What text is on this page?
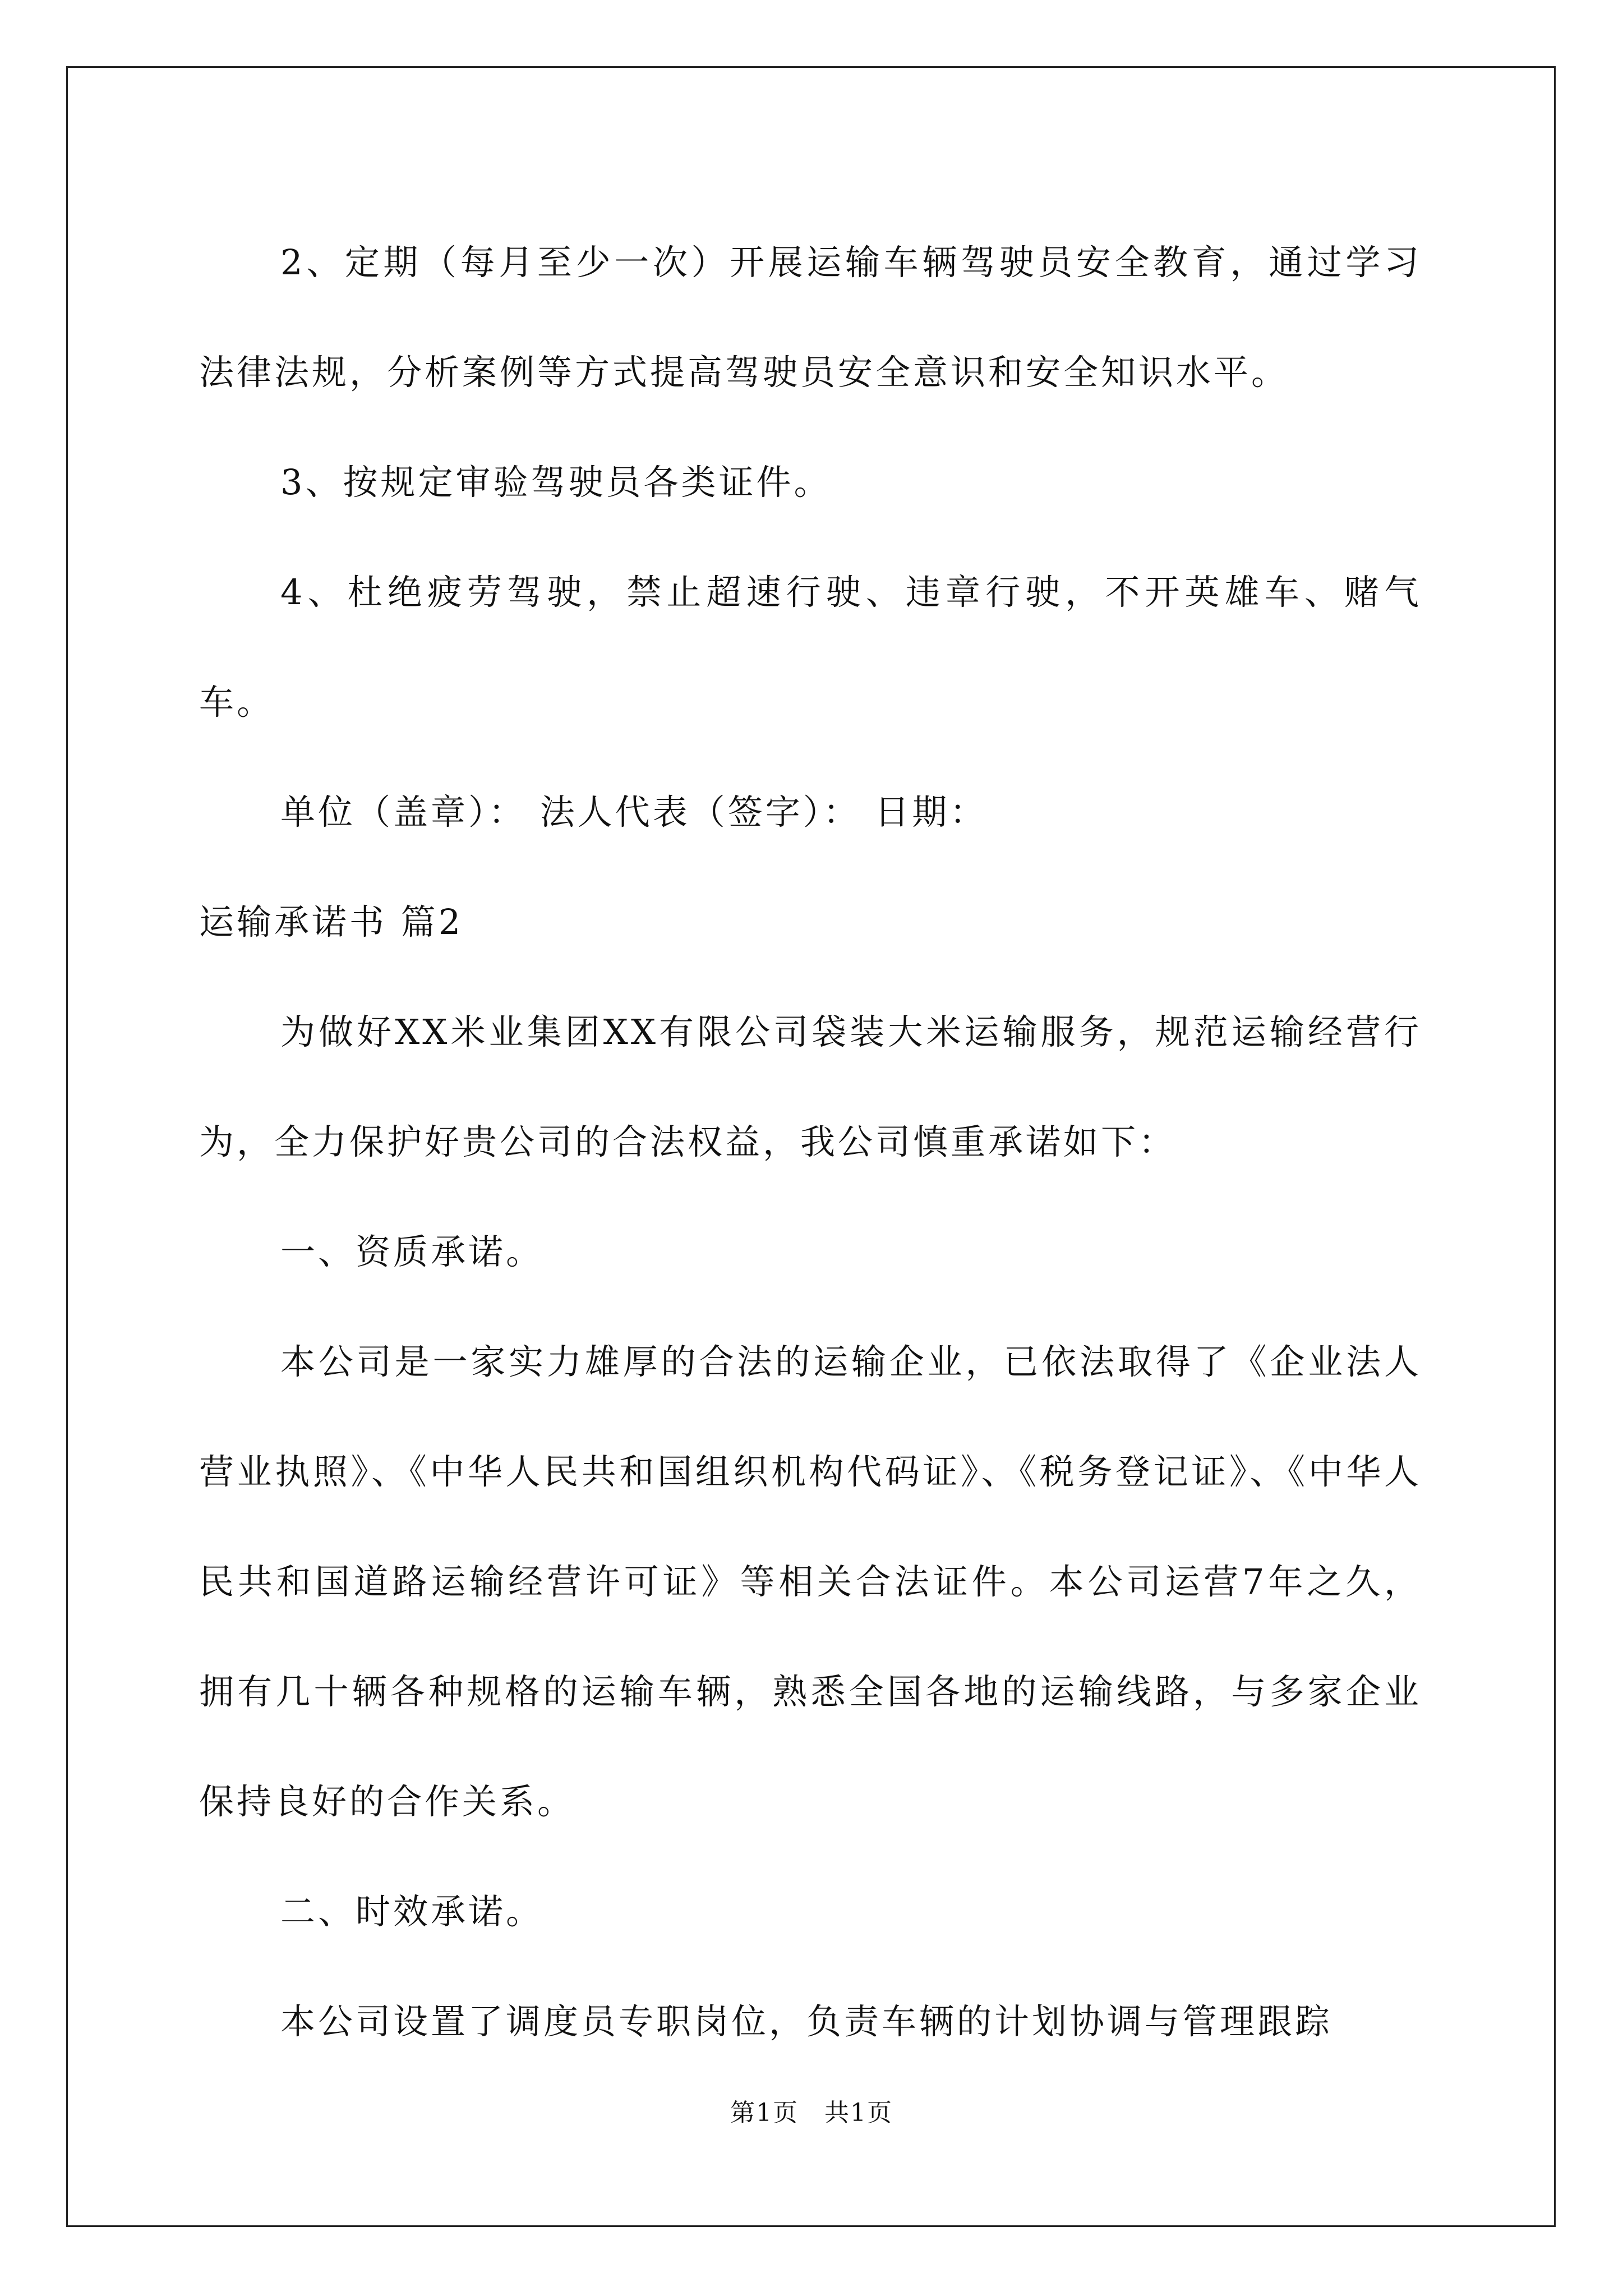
2、定期（每月至少一次）开展运输车辆驾驶员安全教育，通过学习法律法规，分析案例等方式提高驾驶员安全意识和安全知识水平。

3、按规定审验驾驶员各类证件。

4、杜绝疲劳驾驶，禁止超速行驶、违章行驶，不开英雄车、赌气车。

单位（盖章）： 法人代表（签字）： 日期：

运输承诺书 篇2

为做好XX米业集团XX有限公司袋装大米运输服务，规范运输经营行为，全力保护好贵公司的合法权益，我公司慎重承诺如下：

一、资质承诺。

本公司是一家实力雄厚的合法的运输企业，已依法取得了《企业法人营业执照》、《中华人民共和国组织机构代码证》、《税务登记证》、《中华人民共和国道路运输经营许可证》等相关合法证件。本公司运营7年之久，拥有几十辆各种规格的运输车辆，熟悉全国各地的运输线路，与多家企业保持良好的合作关系。

二、时效承诺。

本公司设置了调度员专职岗位，负责车辆的计划协调与管理跟踪

第1页　共1页
